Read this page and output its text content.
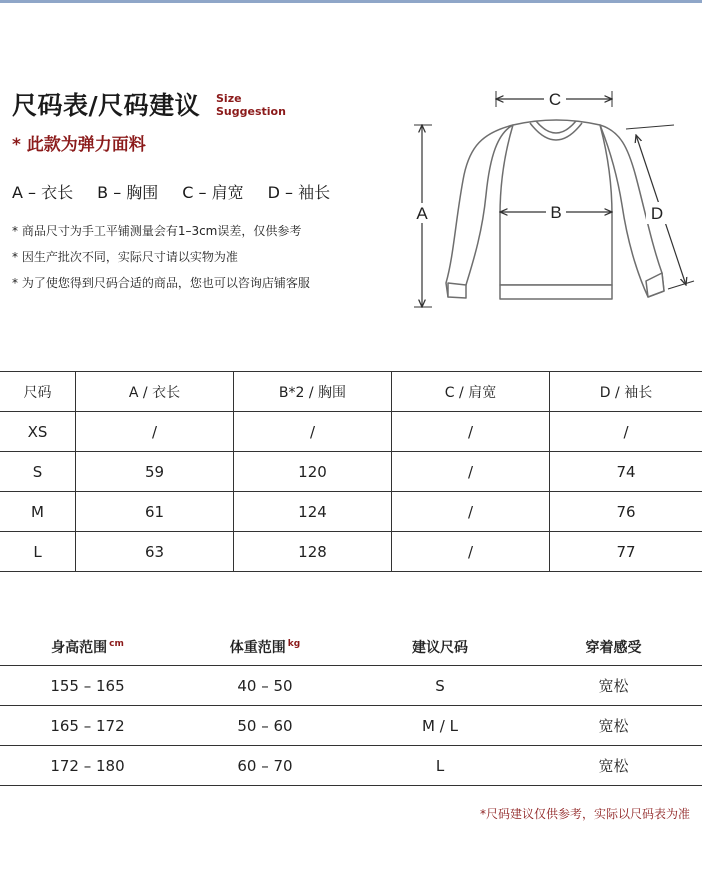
尺码表/尺码建议 Size
Suggestion
* 此款为弹力面料
A – 衣长 B – 胸围 C – 肩宽 D – 袖长
* 商品尺寸为手工平铺测量会有1–3cm误差，仅供参考
* 因生产批次不同，实际尺寸请以实物为准
* 为了使您得到尺码合适的商品，您也可以咨询店铺客服
A	B
C
D
尺码	A / 衣长	B*2 / 胸围	C / 肩宽	D / 袖长
XS	/	/	/	/
S	59	120	/	74
M	61	124	/	76
L	63	128	/	77
身高范围 $^{cm}$	体重范围 $^{kg}$	建议尺码	穿着感受
155 – 165	40 – 50	S	宽松
165 – 172	50 – 60	M / L	宽松
172 – 180	60 – 70	L	宽松
*尺码建议仅供参考，实际以尺码表为准
